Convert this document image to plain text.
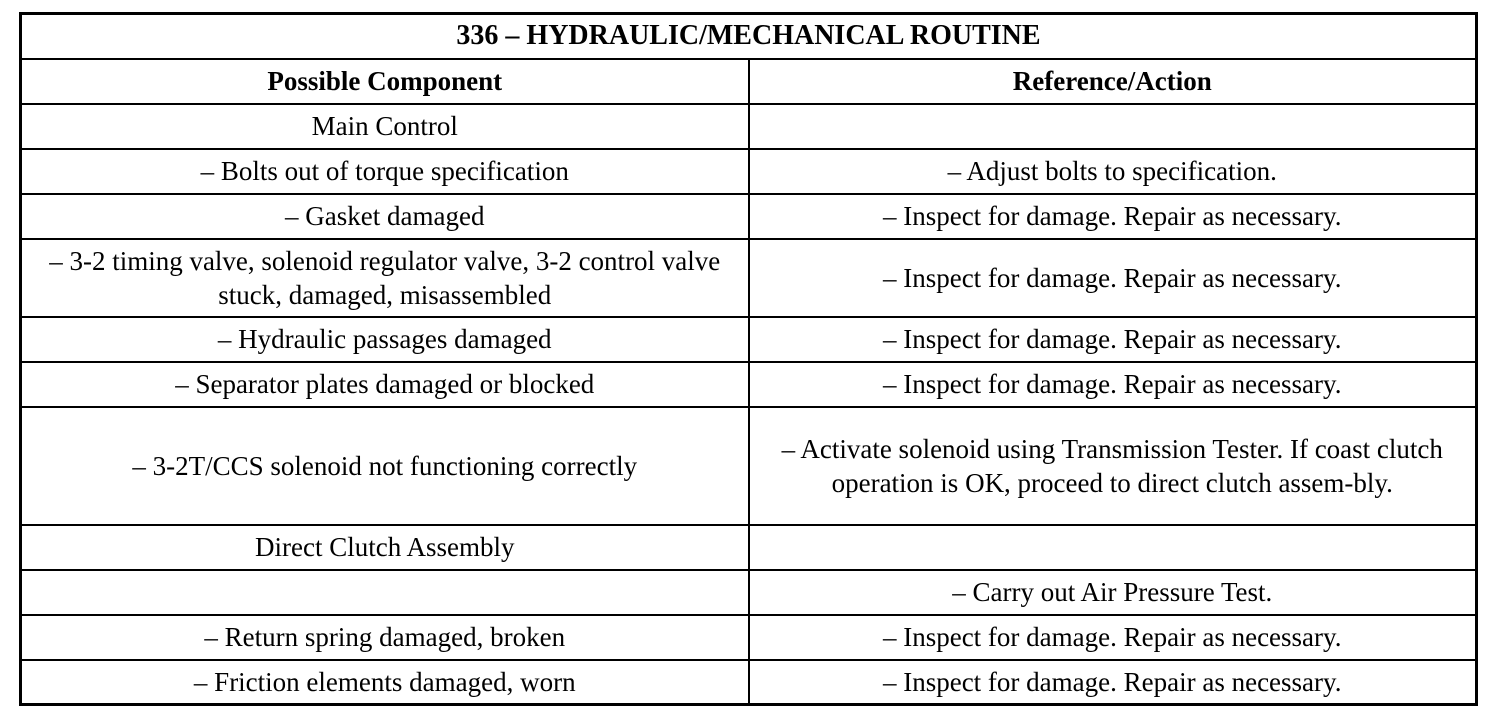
336 – HYDRAULIC/MECHANICAL ROUTINE	
Possible Component	Reference/Action
Main Control	
– Bolts out of torque specification	– Adjust bolts to specification.
– Gasket damaged	– Inspect for damage. Repair as necessary.
– 3-2 timing valve, solenoid regulator valve, 3-2 control valve stuck, damaged, misassembled	– Inspect for damage. Repair as necessary.
– Hydraulic passages damaged	– Inspect for damage. Repair as necessary.
– Separator plates damaged or blocked	– Inspect for damage. Repair as necessary.
– 3-2T/CCS solenoid not functioning correctly	– Activate solenoid using Transmission Tester. If coast clutch operation is OK, proceed to direct clutch assem-bly.
Direct Clutch Assembly	
	– Carry out Air Pressure Test.
– Return spring damaged, broken	– Inspect for damage. Repair as necessary.
– Friction elements damaged, worn	– Inspect for damage. Repair as necessary.
